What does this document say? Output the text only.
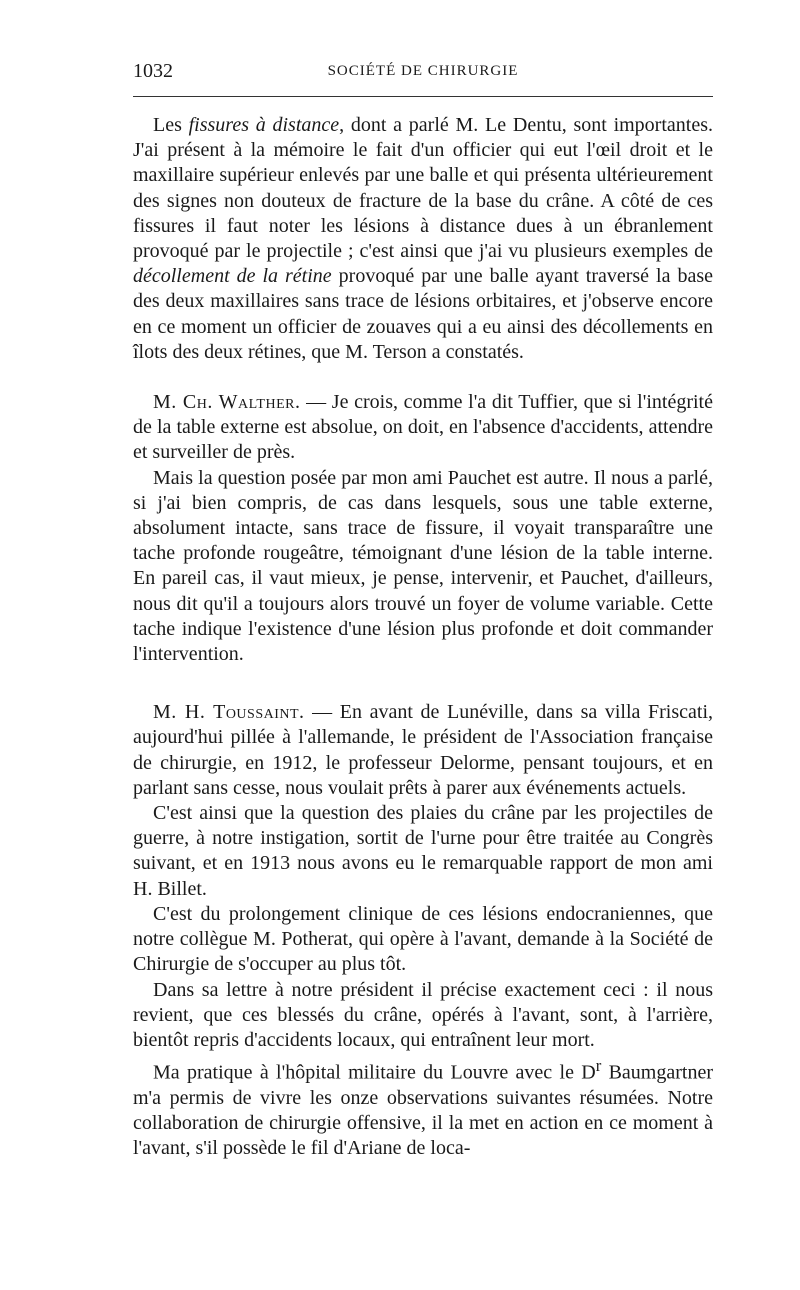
1032	SOCIÉTÉ DE CHIRURGIE

Les fissures à distance, dont a parlé M. Le Dentu, sont importantes. J'ai présent à la mémoire le fait d'un officier qui eut l'œil droit et le maxillaire supérieur enlevés par une balle et qui présenta ultérieurement des signes non douteux de fracture de la base du crâne. A côté de ces fissures il faut noter les lésions à distance dues à un ébranlement provoqué par le projectile ; c'est ainsi que j'ai vu plusieurs exemples de décollement de la rétine provoqué par une balle ayant traversé la base des deux maxillaires sans trace de lésions orbitaires, et j'observe encore en ce moment un officier de zouaves qui a eu ainsi des décollements en îlots des deux rétines, que M. Terson a constatés.

M. Ch. Walther. — Je crois, comme l'a dit Tuffier, que si l'intégrité de la table externe est absolue, on doit, en l'absence d'accidents, attendre et surveiller de près.

Mais la question posée par mon ami Pauchet est autre. Il nous a parlé, si j'ai bien compris, de cas dans lesquels, sous une table externe, absolument intacte, sans trace de fissure, il voyait transparaître une tache profonde rougeâtre, témoignant d'une lésion de la table interne. En pareil cas, il vaut mieux, je pense, intervenir, et Pauchet, d'ailleurs, nous dit qu'il a toujours alors trouvé un foyer de volume variable. Cette tache indique l'existence d'une lésion plus profonde et doit commander l'intervention.

M. H. Toussaint. — En avant de Lunéville, dans sa villa Friscati, aujourd'hui pillée à l'allemande, le président de l'Association française de chirurgie, en 1912, le professeur Delorme, pensant toujours, et en parlant sans cesse, nous voulait prêts à parer aux événements actuels.

C'est ainsi que la question des plaies du crâne par les projectiles de guerre, à notre instigation, sortit de l'urne pour être traitée au Congrès suivant, et en 1913 nous avons eu le remarquable rapport de mon ami H. Billet.

C'est du prolongement clinique de ces lésions endocraniennes, que notre collègue M. Potherat, qui opère à l'avant, demande à la Société de Chirurgie de s'occuper au plus tôt.

Dans sa lettre à notre président il précise exactement ceci : il nous revient, que ces blessés du crâne, opérés à l'avant, sont, à l'arrière, bientôt repris d'accidents locaux, qui entraînent leur mort.

Ma pratique à l'hôpital militaire du Louvre avec le $D^r$ Baumgartner m'a permis de vivre les onze observations suivantes résumées. Notre collaboration de chirurgie offensive, il la met en action en ce moment à l'avant, s'il possède le fil d'Ariane de loca-
